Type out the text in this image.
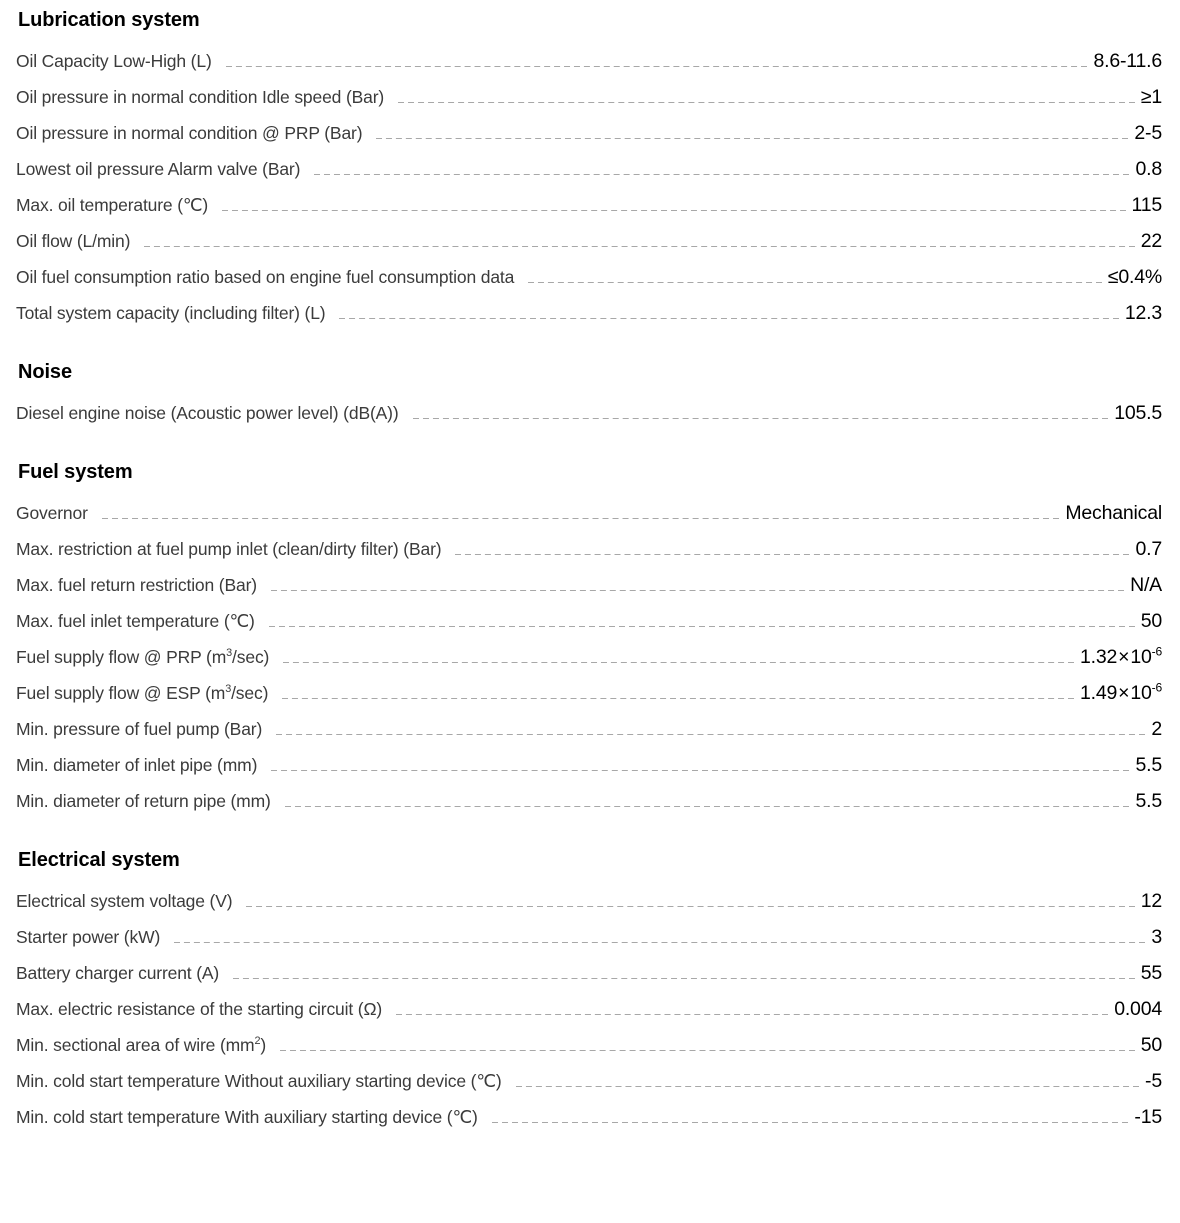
Lubrication system
Oil Capacity Low-High (L)	8.6-11.6
Oil pressure in normal condition Idle speed (Bar)	≥1
Oil pressure in normal condition @ PRP (Bar)	2-5
Lowest oil pressure Alarm valve (Bar)	0.8
Max. oil temperature (℃)	115
Oil flow (L/min)	22
Oil fuel consumption ratio based on engine fuel consumption data	≤0.4%
Total system capacity (including filter) (L)	12.3
Noise
Diesel engine noise (Acoustic power level) (dB(A))	105.5
Fuel system
Governor	Mechanical
Max. restriction at fuel pump inlet (clean/dirty filter) (Bar)	0.7
Max. fuel return restriction (Bar)	N/A
Max. fuel inlet temperature (℃)	50
Fuel supply flow @ PRP $(m^3/\sec)$	$1.32\times 10^{-6}$
Fuel supply flow @ ESP $(m^3/\sec)$	$1.49\times 10^{-6}$
Min. pressure of fuel pump (Bar)	2
Min. diameter of inlet pipe (mm)	5.5
Min. diameter of return pipe (mm)	5.5
Electrical system
Electrical system voltage (V)	12
Starter power (kW)	3
Battery charger current (A)	55
Max. electric resistance of the starting circuit (Ω)	0.004
Min. sectional area of wire $(mm^2)$	50
Min. cold start temperature Without auxiliary starting device (℃)	-5
Min. cold start temperature With auxiliary starting device (℃)	-15
